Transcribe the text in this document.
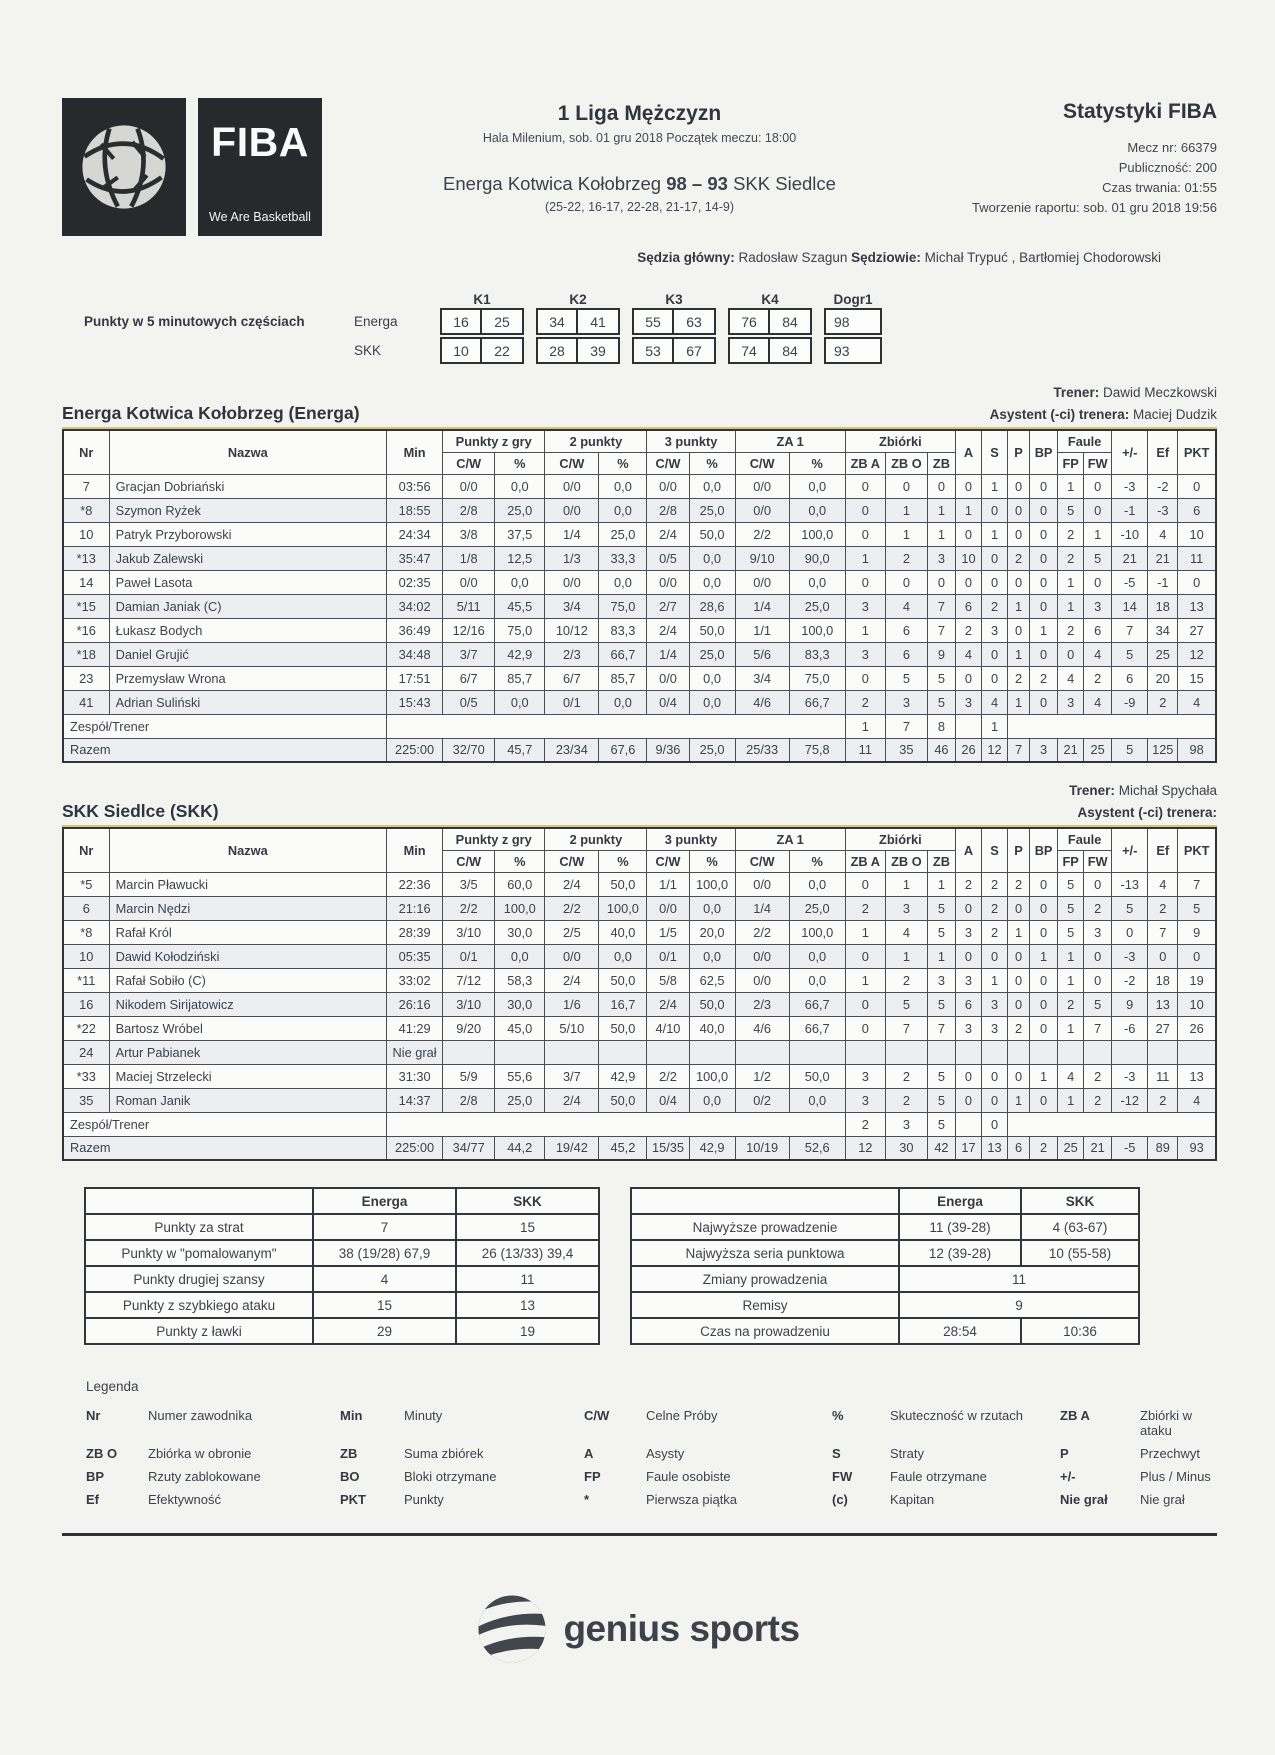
FIBA
We Are Basketball
1 Liga Mężczyzn
Hala Milenium, sob. 01 gru 2018 Początek meczu: 18:00
Energa Kotwica Kołobrzeg 98 – 93 SKK Siedlce
(25-22, 16-17, 22-28, 21-17, 14-9)
Statystyki FIBA
Mecz nr: 66379
Publiczność: 200
Czas trwania: 01:55
Tworzenie raportu: sob. 01 gru 2018 19:56
Sędzia główny: Radosław Szagun Sędziowie: Michał Trypuć , Bartłomiej Chodorowski
K1	K2	K3	K4	Dogr1
Punkty w 5 minutowych częściach	Energa	16	25	34	41	55	63	76	84	98
SKK	10	22	28	39	53	67	74	84	93
Trener: Dawid Meczkowski
Energa Kotwica Kołobrzeg (Energa)	Asystent (-ci) trenera: Maciej Dudzik
Nr	Nazwa	Min	Punkty z gry		2 punkty		3 punkty		ZA 1		Zbiórki			A	S	P	BP	Faule		+/-	Ef	PKT
			C/W	%	C/W	%	C/W	%	C/W	%	ZB A	ZB O	ZB					FP	FW			
7	Gracjan Dobriański	03:56	0/0	0,0	0/0	0,0	0/0	0,0	0/0	0,0	0	0	0	0	1	0	0	1	0	-3	-2	0
*8	Szymon Ryżek	18:55	2/8	25,0	0/0	0,0	2/8	25,0	0/0	0,0	0	1	1	1	0	0	0	5	0	-1	-3	6
10	Patryk Przyborowski	24:34	3/8	37,5	1/4	25,0	2/4	50,0	2/2	100,0	0	1	1	0	1	0	0	2	1	-10	4	10
*13	Jakub Zalewski	35:47	1/8	12,5	1/3	33,3	0/5	0,0	9/10	90,0	1	2	3	10	0	2	0	2	5	21	21	11
14	Paweł Lasota	02:35	0/0	0,0	0/0	0,0	0/0	0,0	0/0	0,0	0	0	0	0	0	0	0	1	0	-5	-1	0
*15	Damian Janiak (C)	34:02	5/11	45,5	3/4	75,0	2/7	28,6	1/4	25,0	3	4	7	6	2	1	0	1	3	14	18	13
*16	Łukasz Bodych	36:49	12/16	75,0	10/12	83,3	2/4	50,0	1/1	100,0	1	6	7	2	3	0	1	2	6	7	34	27
*18	Daniel Grujić	34:48	3/7	42,9	2/3	66,7	1/4	25,0	5/6	83,3	3	6	9	4	0	1	0	0	4	5	25	12
23	Przemysław Wrona	17:51	6/7	85,7	6/7	85,7	0/0	0,0	3/4	75,0	0	5	5	0	0	2	2	4	2	6	20	15
41	Adrian Suliński	15:43	0/5	0,0	0/1	0,0	0/4	0,0	4/6	66,7	2	3	5	3	4	1	0	3	4	-9	2	4
Zespół/Trener											1	7	8		1							
Razem		225:00	32/70	45,7	23/34	67,6	9/36	25,0	25/33	75,8	11	35	46	26	12	7	3	21	25	5	125	98
Trener: Michał Spychała
SKK Siedlce (SKK)	Asystent (-ci) trenera:
Nr	Nazwa	Min	Punkty z gry		2 punkty		3 punkty		ZA 1		Zbiórki			A	S	P	BP	Faule		+/-	Ef	PKT
			C/W	%	C/W	%	C/W	%	C/W	%	ZB A	ZB O	ZB					FP	FW			
*5	Marcin Pławucki	22:36	3/5	60,0	2/4	50,0	1/1	100,0	0/0	0,0	0	1	1	2	2	2	0	5	0	-13	4	7
6	Marcin Nędzi	21:16	2/2	100,0	2/2	100,0	0/0	0,0	1/4	25,0	2	3	5	0	2	0	0	5	2	5	2	5
*8	Rafał Król	28:39	3/10	30,0	2/5	40,0	1/5	20,0	2/2	100,0	1	4	5	3	2	1	0	5	3	0	7	9
10	Dawid Kołodziński	05:35	0/1	0,0	0/0	0,0	0/1	0,0	0/0	0,0	0	1	1	0	0	0	1	1	0	-3	0	0
*11	Rafał Sobiło (C)	33:02	7/12	58,3	2/4	50,0	5/8	62,5	0/0	0,0	1	2	3	3	1	0	0	1	0	-2	18	19
16	Nikodem Sirijatowicz	26:16	3/10	30,0	1/6	16,7	2/4	50,0	2/3	66,7	0	5	5	6	3	0	0	2	5	9	13	10
*22	Bartosz Wróbel	41:29	9/20	45,0	5/10	50,0	4/10	40,0	4/6	66,7	0	7	7	3	3	2	0	1	7	-6	27	26
24	Artur Pabianek	Nie grał																				
*33	Maciej Strzelecki	31:30	5/9	55,6	3/7	42,9	2/2	100,0	1/2	50,0	3	2	5	0	0	0	1	4	2	-3	11	13
35	Roman Janik	14:37	2/8	25,0	2/4	50,0	0/4	0,0	0/2	0,0	3	2	5	0	0	1	0	1	2	-12	2	4
Zespół/Trener											2	3	5		0							
Razem		225:00	34/77	44,2	19/42	45,2	15/35	42,9	10/19	52,6	12	30	42	17	13	6	2	25	21	-5	89	93
	Energa	SKK
Punkty za strat	7	15
Punkty w "pomalowanym"	38 (19/28) 67,9	26 (13/33) 39,4
Punkty drugiej szansy	4	11
Punkty z szybkiego ataku	15	13
Punkty z ławki	29	19
	Energa	SKK
Najwyższe prowadzenie	11 (39-28)	4 (63-67)
Najwyższa seria punktowa	12 (39-28)	10 (55-58)
Zmiany prowadzenia	11	
Remisy	9	
Czas na prowadzeniu	28:54	10:36
Legenda
Nr	Numer zawodnika	Min	Minuty	C/W	Celne Próby	%	Skuteczność w rzutach	ZB A	Zbiórki w ataku
ZB O	Zbiórka w obronie	ZB	Suma zbiórek	A	Asysty	S	Straty	P	Przechwyt
BP	Rzuty zablokowane	BO	Bloki otrzymane	FP	Faule osobiste	FW	Faule otrzymane	+/-	Plus / Minus
Ef	Efektywność	PKT	Punkty	*	Pierwsza piątka	(c)	Kapitan	Nie grał	Nie grał
genius sports
